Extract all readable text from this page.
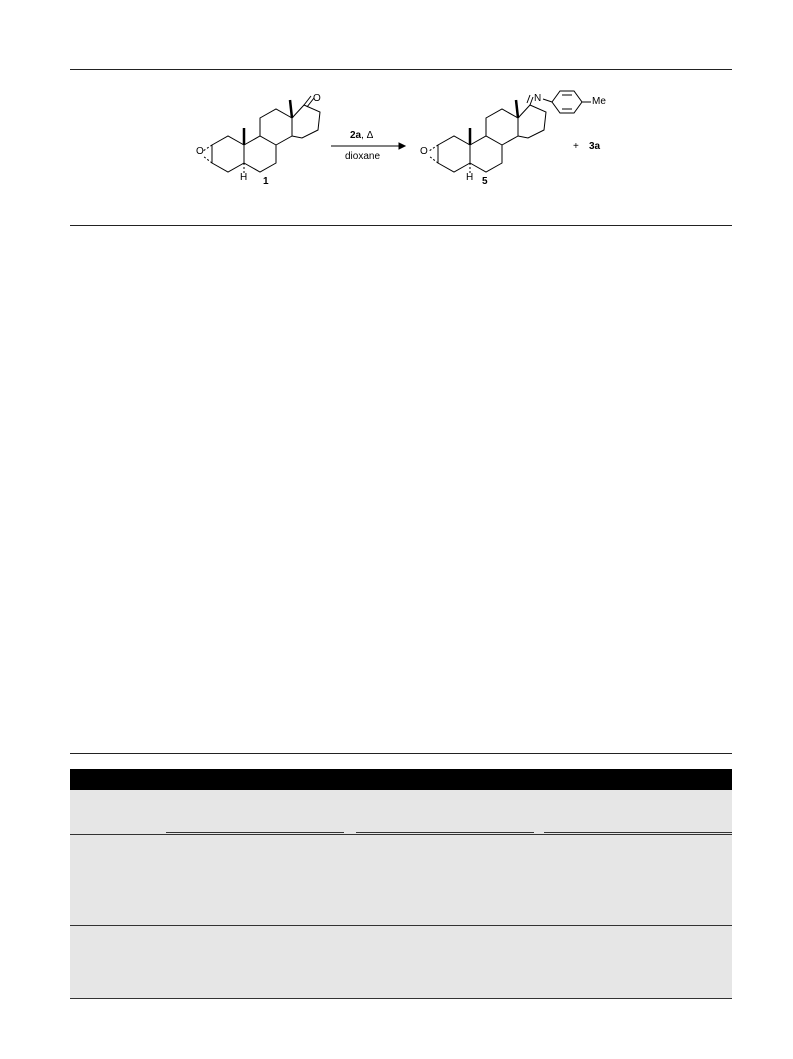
O
O
H 1
2a, Δ
dioxane	O
N	Me
H 5
+ 3a
